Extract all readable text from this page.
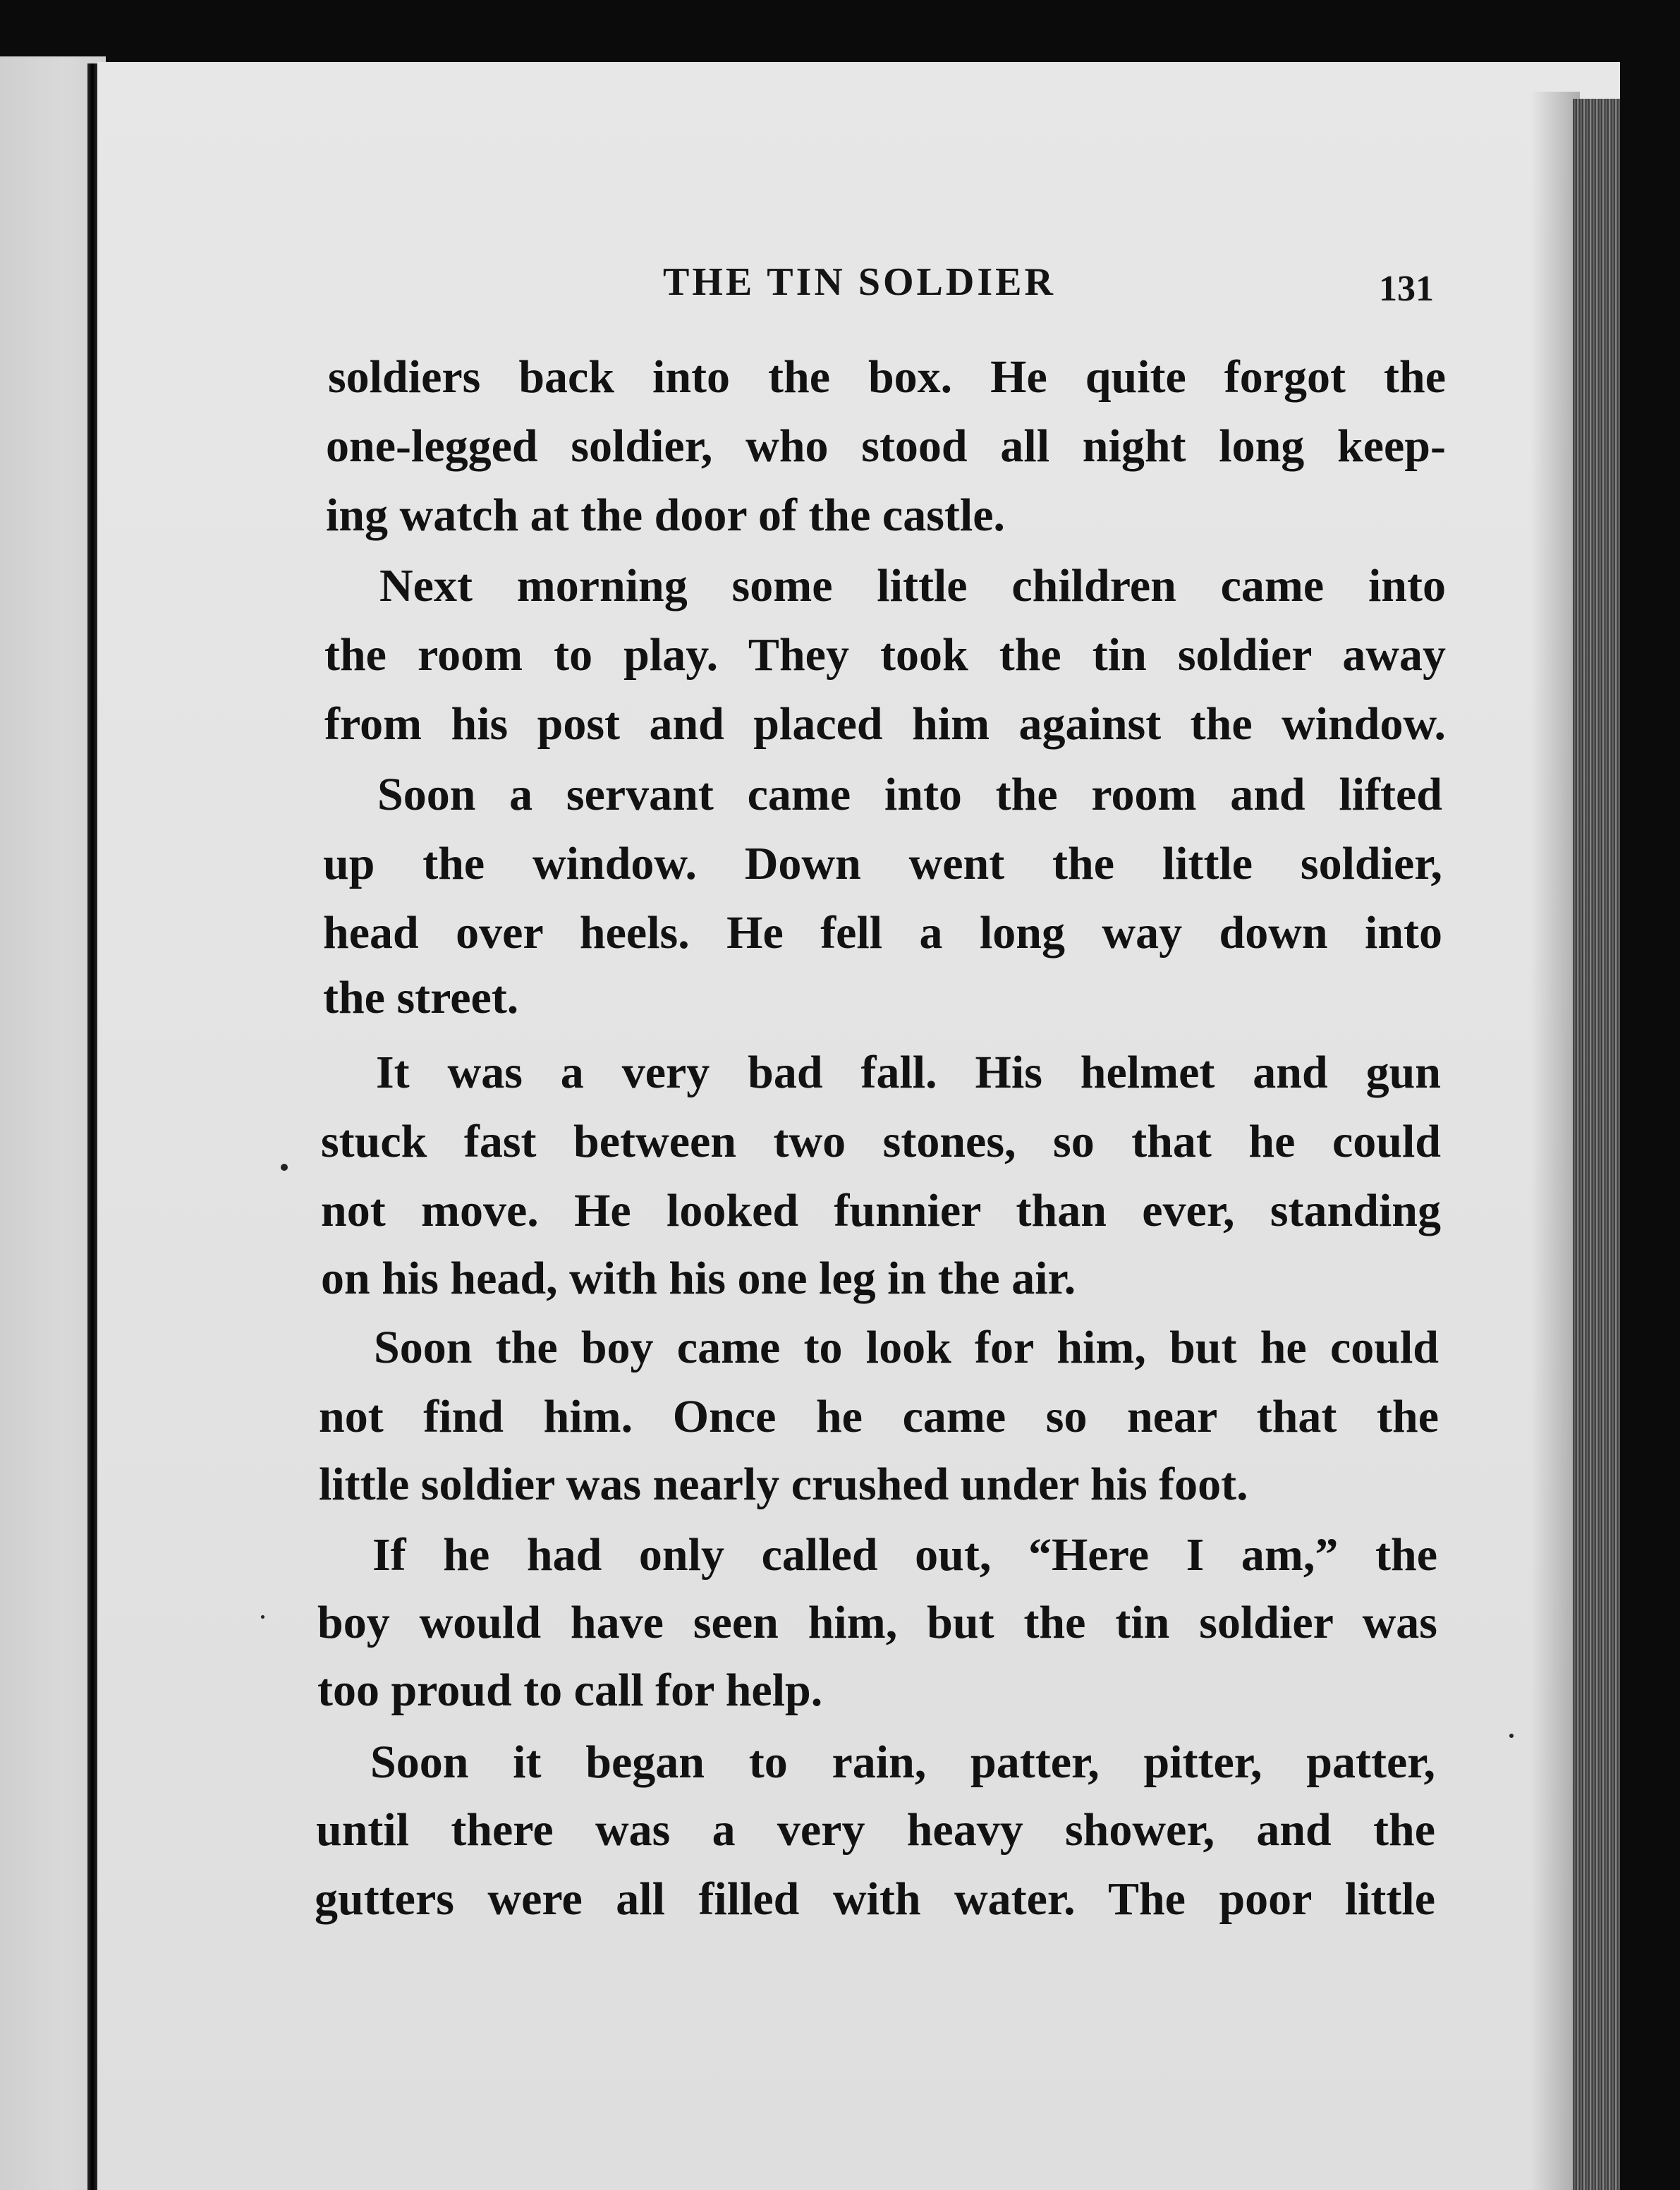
THE TIN SOLDIER	131
soldiers back into the box. He quite forgot the
one-legged soldier, who stood all night long keep-
ing watch at the door of the castle.
Next morning some little children came into
the room to play. They took the tin soldier away
from his post and placed him against the window.
Soon a servant came into the room and lifted
up the window. Down went the little soldier,
head over heels. He fell a long way down into
the street.
It was a very bad fall. His helmet and gun
stuck fast between two stones, so that he could
not move. He looked funnier than ever, standing
on his head, with his one leg in the air.
Soon the boy came to look for him, but he could
not find him. Once he came so near that the
little soldier was nearly crushed under his foot.
If he had only called out, “Here I am,” the
boy would have seen him, but the tin soldier was
too proud to call for help.
Soon it began to rain, patter, pitter, patter,
until there was a very heavy shower, and the
gutters were all filled with water. The poor little
